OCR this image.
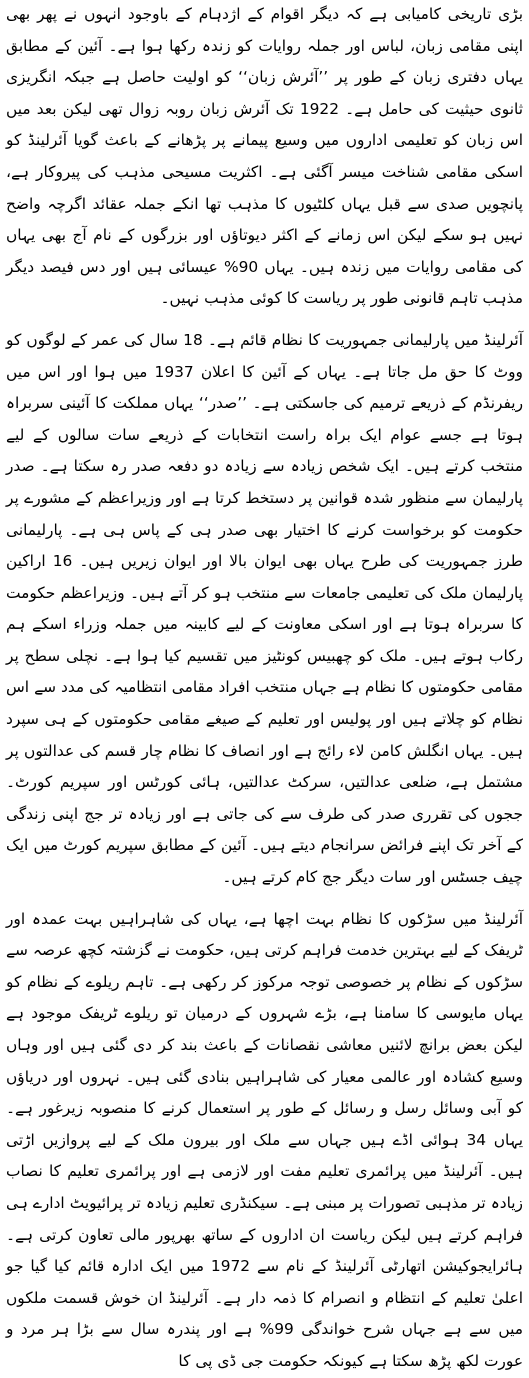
بڑی تاریخی کامیابی ہے کہ دیگر اقوام کے اژدہام کے باوجود انہوں نے پھر بھی اپنی مقامی زبان، لباس اور جملہ روایات کو زندہ رکھا ہوا ہے۔ آئین کے مطابق یہاں دفتری زبان کے طور پر ’’آئرش زبان‘‘ کو اولیت حاصل ہے جبکہ انگریزی ثانوی حیثیت کی حامل ہے۔ 1922 تک آئرش زبان روبہ زوال تھی لیکن بعد میں اس زبان کو تعلیمی اداروں میں وسیع پیمانے پر پڑھانے کے باعث گویا آئرلینڈ کو اسکی مقامی شناخت میسر آگئی ہے۔ اکثریت مسیحی مذہب کی پیروکار ہے، پانچویں صدی سے قبل یہاں کلٹیوں کا مذہب تھا انکے جملہ عقائد اگرچہ واضح نہیں ہو سکے لیکن اس زمانے کے اکثر دیوتاؤں اور بزرگوں کے نام آج بھی یہاں کی مقامی روایات میں زندہ ہیں۔ یہاں 90% عیسائی ہیں اور دس فیصد دیگر مذہب تاہم قانونی طور پر ریاست کا کوئی مذہب نہیں۔

آئرلینڈ میں پارلیمانی جمہوریت کا نظام قائم ہے۔ 18 سال کی عمر کے لوگوں کو ووٹ کا حق مل جاتا ہے۔ یہاں کے آئین کا اعلان 1937 میں ہوا اور اس میں ریفرنڈم کے ذریعے ترمیم کی جاسکتی ہے۔ ’’صدر‘‘ یہاں مملکت کا آئینی سربراہ ہوتا ہے جسے عوام ایک براہ راست انتخابات کے ذریعے سات سالوں کے لیے منتخب کرتے ہیں۔ ایک شخص زیادہ سے زیادہ دو دفعہ صدر رہ سکتا ہے۔ صدر پارلیمان سے منظور شدہ قوانین پر دستخط کرتا ہے اور وزیراعظم کے مشورے پر حکومت کو برخواست کرنے کا اختیار بھی صدر ہی کے پاس ہی ہے۔ پارلیمانی طرز جمہوریت کی طرح یہاں بھی ایوان بالا اور ایوان زیریں ہیں۔ 16 اراکین پارلیمان ملک کی تعلیمی جامعات سے منتخب ہو کر آتے ہیں۔ وزیراعظم حکومت کا سربراہ ہوتا ہے اور اسکی معاونت کے لیے کابینہ میں جملہ وزراء اسکے ہم رکاب ہوتے ہیں۔ ملک کو چھبیس کونٹیز میں تقسیم کیا ہوا ہے۔ نچلی سطح پر مقامی حکومتوں کا نظام ہے جہاں منتخب افراد مقامی انتظامیہ کی مدد سے اس نظام کو چلاتے ہیں اور پولیس اور تعلیم کے صیغے مقامی حکومتوں کے ہی سپرد ہیں۔ یہاں انگلش کامن لاء رائج ہے اور انصاف کا نظام چار قسم کی عدالتوں پر مشتمل ہے، ضلعی عدالتیں، سرکٹ عدالتیں، ہائی کورٹس اور سپریم کورٹ۔ ججوں کی تقرری صدر کی طرف سے کی جاتی ہے اور زیادہ تر جج اپنی زندگی کے آخر تک اپنے فرائض سرانجام دیتے ہیں۔ آئین کے مطابق سپریم کورٹ میں ایک چیف جسٹس اور سات دیگر جج کام کرتے ہیں۔

آئرلینڈ میں سڑکوں کا نظام بہت اچھا ہے، یہاں کی شاہراہیں بہت عمدہ اور ٹریفک کے لیے بہترین خدمت فراہم کرتی ہیں، حکومت نے گزشتہ کچھ عرصہ سے سڑکوں کے نظام پر خصوصی توجہ مرکوز کر رکھی ہے۔ تاہم ریلوے کے نظام کو یہاں مایوسی کا سامنا ہے، بڑے شہروں کے درمیان تو ریلوے ٹریفک موجود ہے لیکن بعض برانچ لائنیں معاشی نقصانات کے باعث بند کر دی گئی ہیں اور وہاں وسیع کشادہ اور عالمی معیار کی شاہراہیں بنادی گئی ہیں۔ نہروں اور دریاؤں کو آبی وسائل رسل و رسائل کے طور پر استعمال کرنے کا منصوبہ زیرغور ہے۔ یہاں 34 ہوائی اڈے ہیں جہاں سے ملک اور بیرون ملک کے لیے پروازیں اڑتی ہیں۔ آئرلینڈ میں پرائمری تعلیم مفت اور لازمی ہے اور پرائمری تعلیم کا نصاب زیادہ تر مذہبی تصورات پر مبنی ہے۔ سیکنڈری تعلیم زیادہ تر پرائیویٹ ادارے ہی فراہم کرتے ہیں لیکن ریاست ان اداروں کے ساتھ بھرپور مالی تعاون کرتی ہے۔ ہائرایجوکیشن اتھارٹی آئرلینڈ کے نام سے 1972 میں ایک ادارہ قائم کیا گیا جو اعلیٰ تعلیم کے انتظام و انصرام کا ذمہ دار ہے۔ آئرلینڈ ان خوش قسمت ملکوں میں سے ہے جہاں شرح خواندگی 99% ہے اور پندرہ سال سے بڑا ہر مرد و عورت لکھ پڑھ سکتا ہے کیونکہ حکومت جی ڈی پی کا
